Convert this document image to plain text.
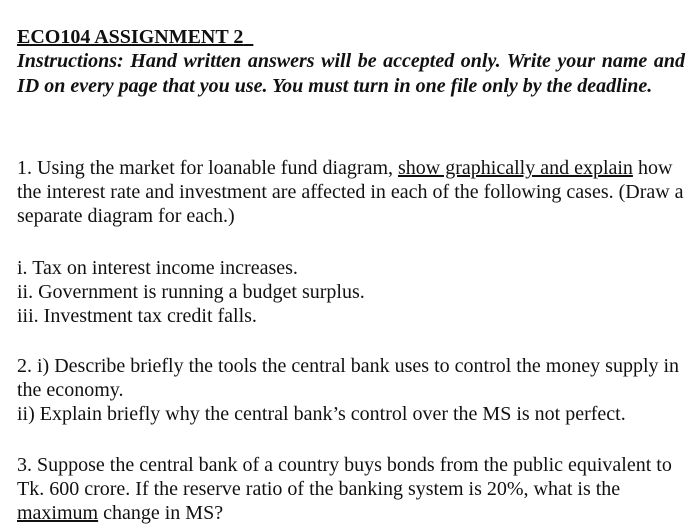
ECO104 ASSIGNMENT 2
Instructions: Hand written answers will be accepted only. Write your name and ID on every page that you use. You must turn in one file only by the deadline.

1. Using the market for loanable fund diagram, show graphically and explain how the interest rate and investment are affected in each of the following cases. (Draw a separate diagram for each.)

i. Tax on interest income increases.

ii. Government is running a budget surplus.

iii. Investment tax credit falls.

2. i) Describe briefly the tools the central bank uses to control the money supply in the economy.

ii) Explain briefly why the central bank’s control over the MS is not perfect.

3. Suppose the central bank of a country buys bonds from the public equivalent to Tk. 600 crore. If the reserve ratio of the banking system is 20%, what is the maximum change in MS?
